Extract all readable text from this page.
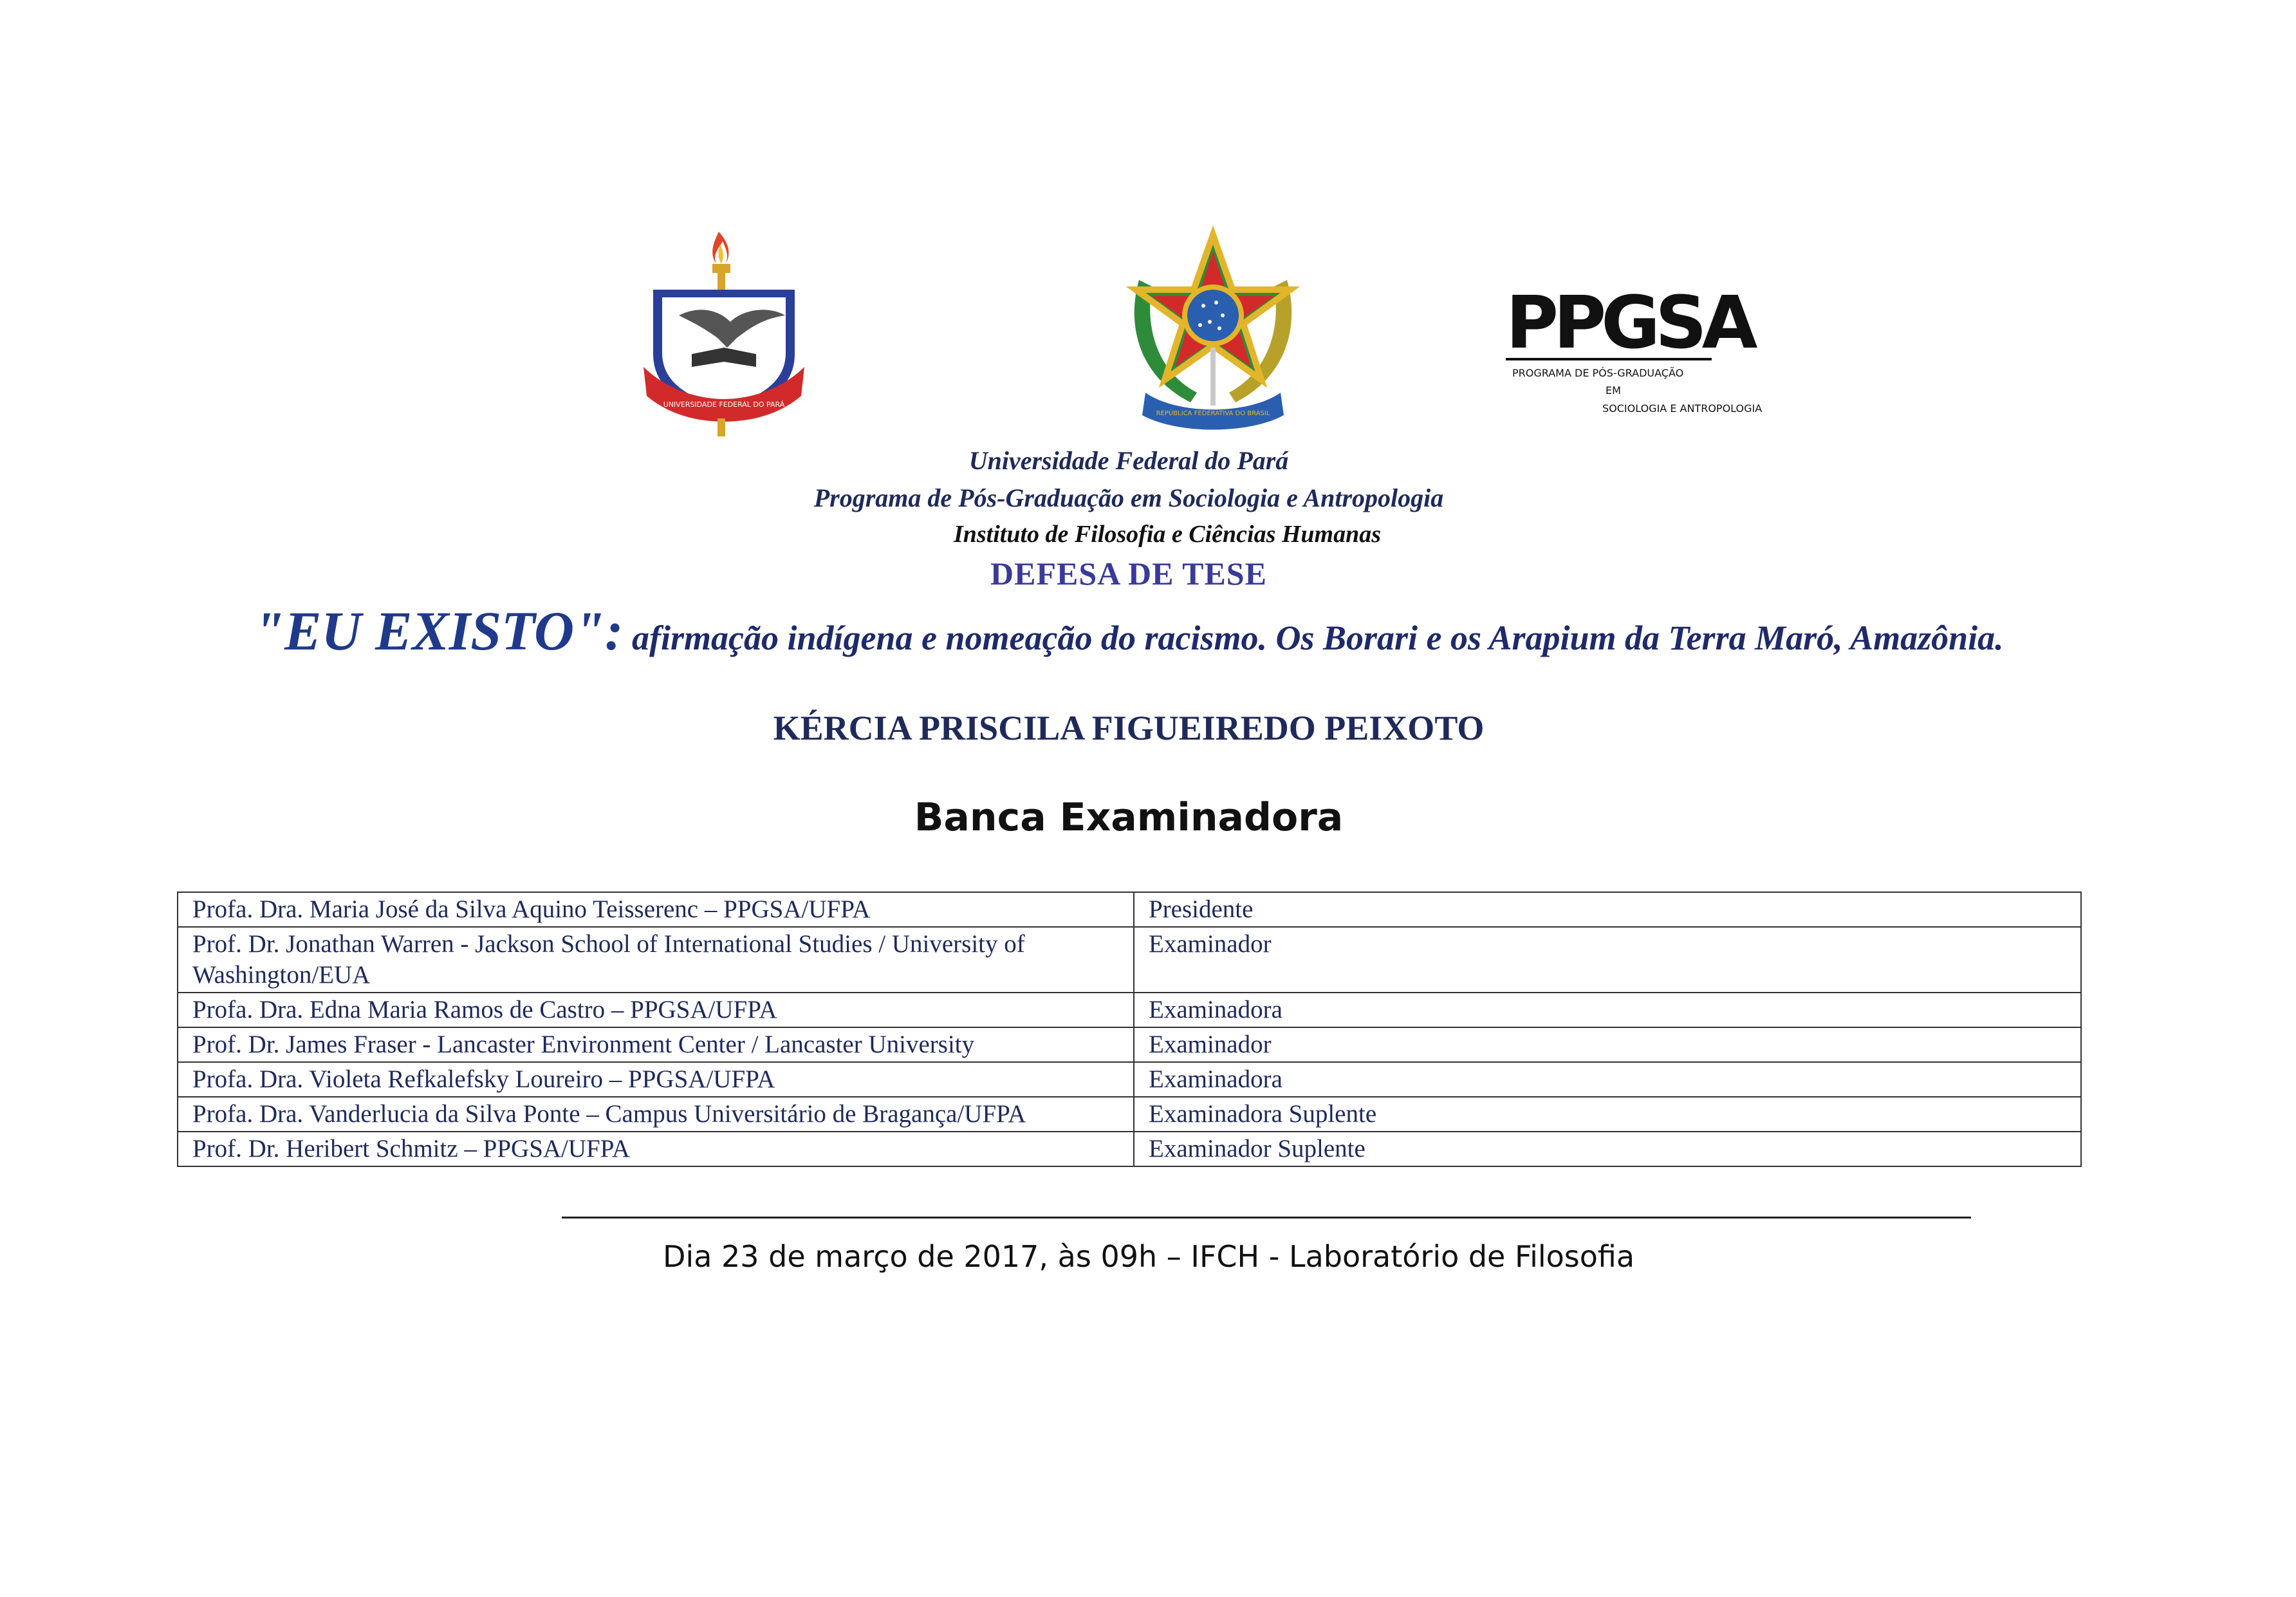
UNIVERSIDADE FEDERAL DO PARÁ
REPÚBLICA FEDERATIVA DO BRASIL
PPGSA
PROGRAMA DE PÓS-GRADUAÇÃO
EM
SOCIOLOGIA E ANTROPOLOGIA
Universidade Federal do Pará
Programa de Pós-Graduação em Sociologia e Antropologia
Instituto de Filosofia e Ciências Humanas
DEFESA DE TESE
"EU EXISTO": afirmação indígena e nomeação do racismo. Os Borari e os Arapium da Terra Maró, Amazônia.
KÉRCIA PRISCILA FIGUEIREDO PEIXOTO
Banca Examinadora
Profa. Dra. Maria José da Silva Aquino Teisserenc – PPGSA/UFPA	Presidente
Prof. Dr. Jonathan Warren - Jackson School of International Studies / University of Washington/EUA	Examinador
Profa. Dra. Edna Maria Ramos de Castro – PPGSA/UFPA	Examinadora
Prof. Dr. James Fraser - Lancaster Environment Center / Lancaster University	Examinador
Profa. Dra. Violeta Refkalefsky Loureiro – PPGSA/UFPA	Examinadora
Profa. Dra. Vanderlucia da Silva Ponte – Campus Universitário de Bragança/UFPA	Examinadora Suplente
Prof. Dr. Heribert Schmitz – PPGSA/UFPA	Examinador Suplente
Dia 23 de março de 2017, às 09h – IFCH - Laboratório de Filosofia
